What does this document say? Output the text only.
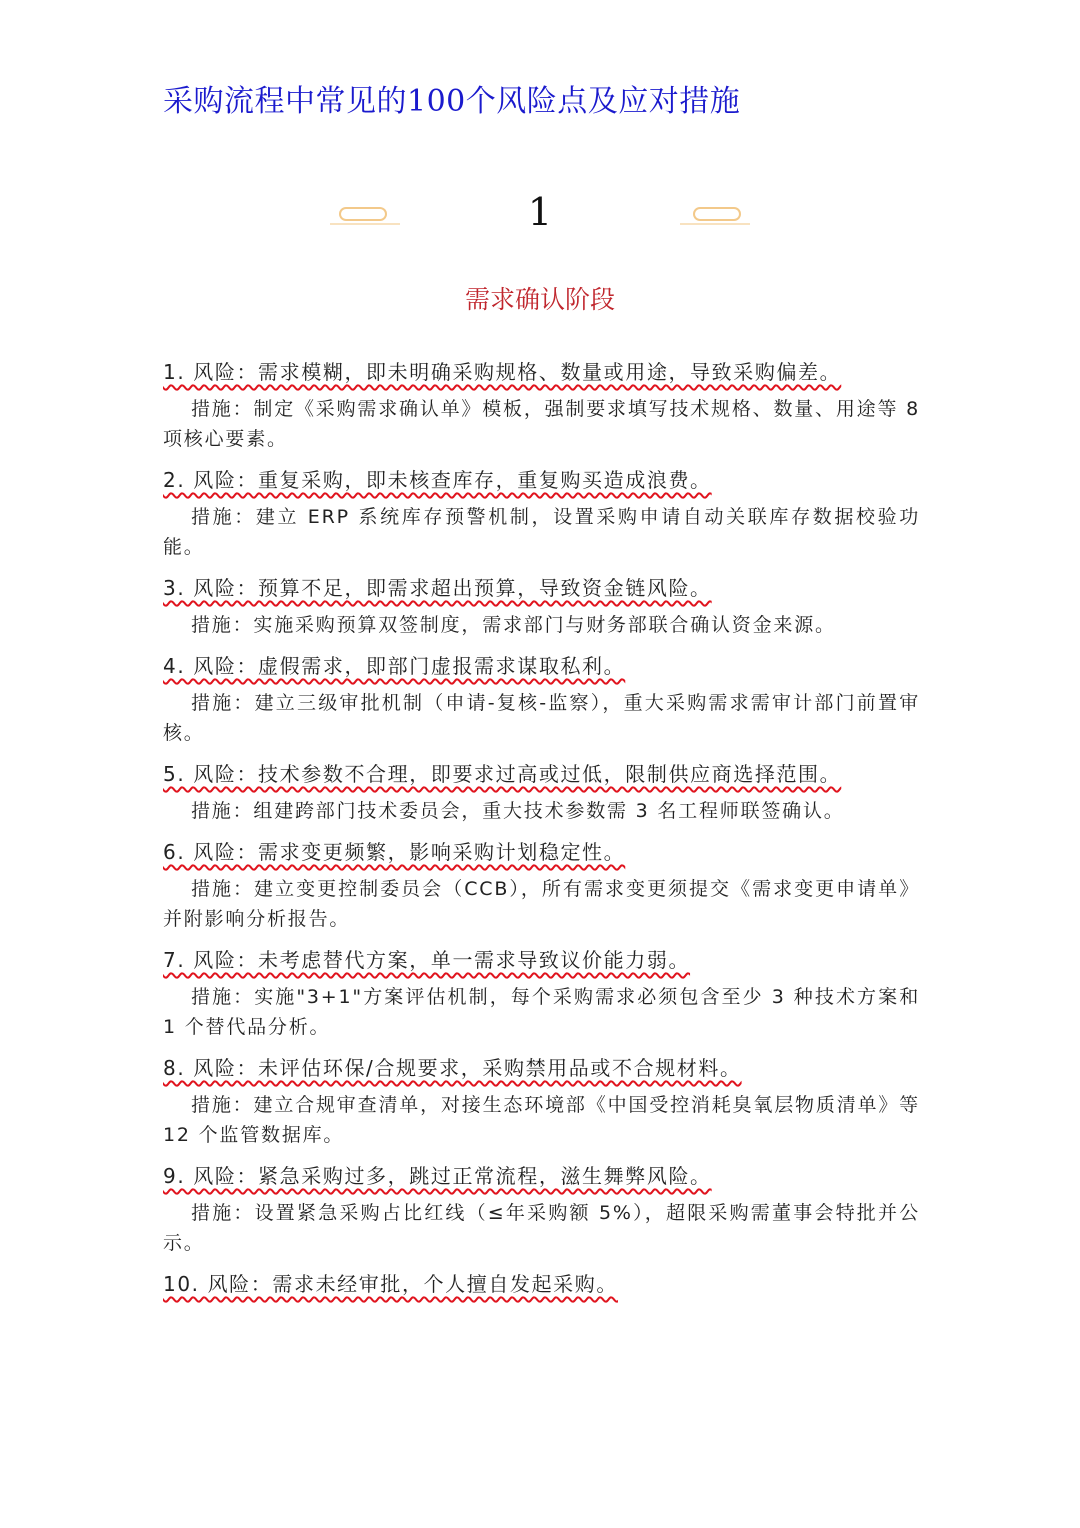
采购流程中常见的100个风险点及应对措施
1
需求确认阶段

1. 风险：需求模糊，即未明确采购规格、数量或用途，导致采购偏差。

措施：制定《采购需求确认单》模板，强制要求填写技术规格、数量、用途等 8 项核心要素。

2. 风险：重复采购，即未核查库存，重复购买造成浪费。

措施：建立 ERP 系统库存预警机制，设置采购申请自动关联库存数据校验功能。

3. 风险：预算不足，即需求超出预算，导致资金链风险。

措施：实施采购预算双签制度，需求部门与财务部联合确认资金来源。

4. 风险：虚假需求，即部门虚报需求谋取私利。

措施：建立三级审批机制（申请-复核-监察），重大采购需求需审计部门前置审核。

5. 风险：技术参数不合理，即要求过高或过低，限制供应商选择范围。

措施：组建跨部门技术委员会，重大技术参数需 3 名工程师联签确认。

6. 风险：需求变更频繁，影响采购计划稳定性。

措施：建立变更控制委员会（CCB），所有需求变更须提交《需求变更申请单》并附影响分析报告。

7. 风险：未考虑替代方案，单一需求导致议价能力弱。

措施：实施"3+1"方案评估机制，每个采购需求必须包含至少 3 种技术方案和 1 个替代品分析。

8. 风险：未评估环保/合规要求，采购禁用品或不合规材料。

措施：建立合规审查清单，对接生态环境部《中国受控消耗臭氧层物质清单》等 12 个监管数据库。

9. 风险：紧急采购过多，跳过正常流程，滋生舞弊风险。

措施：设置紧急采购占比红线（≤年采购额 5%），超限采购需董事会特批并公示。

10. 风险：需求未经审批，个人擅自发起采购。
